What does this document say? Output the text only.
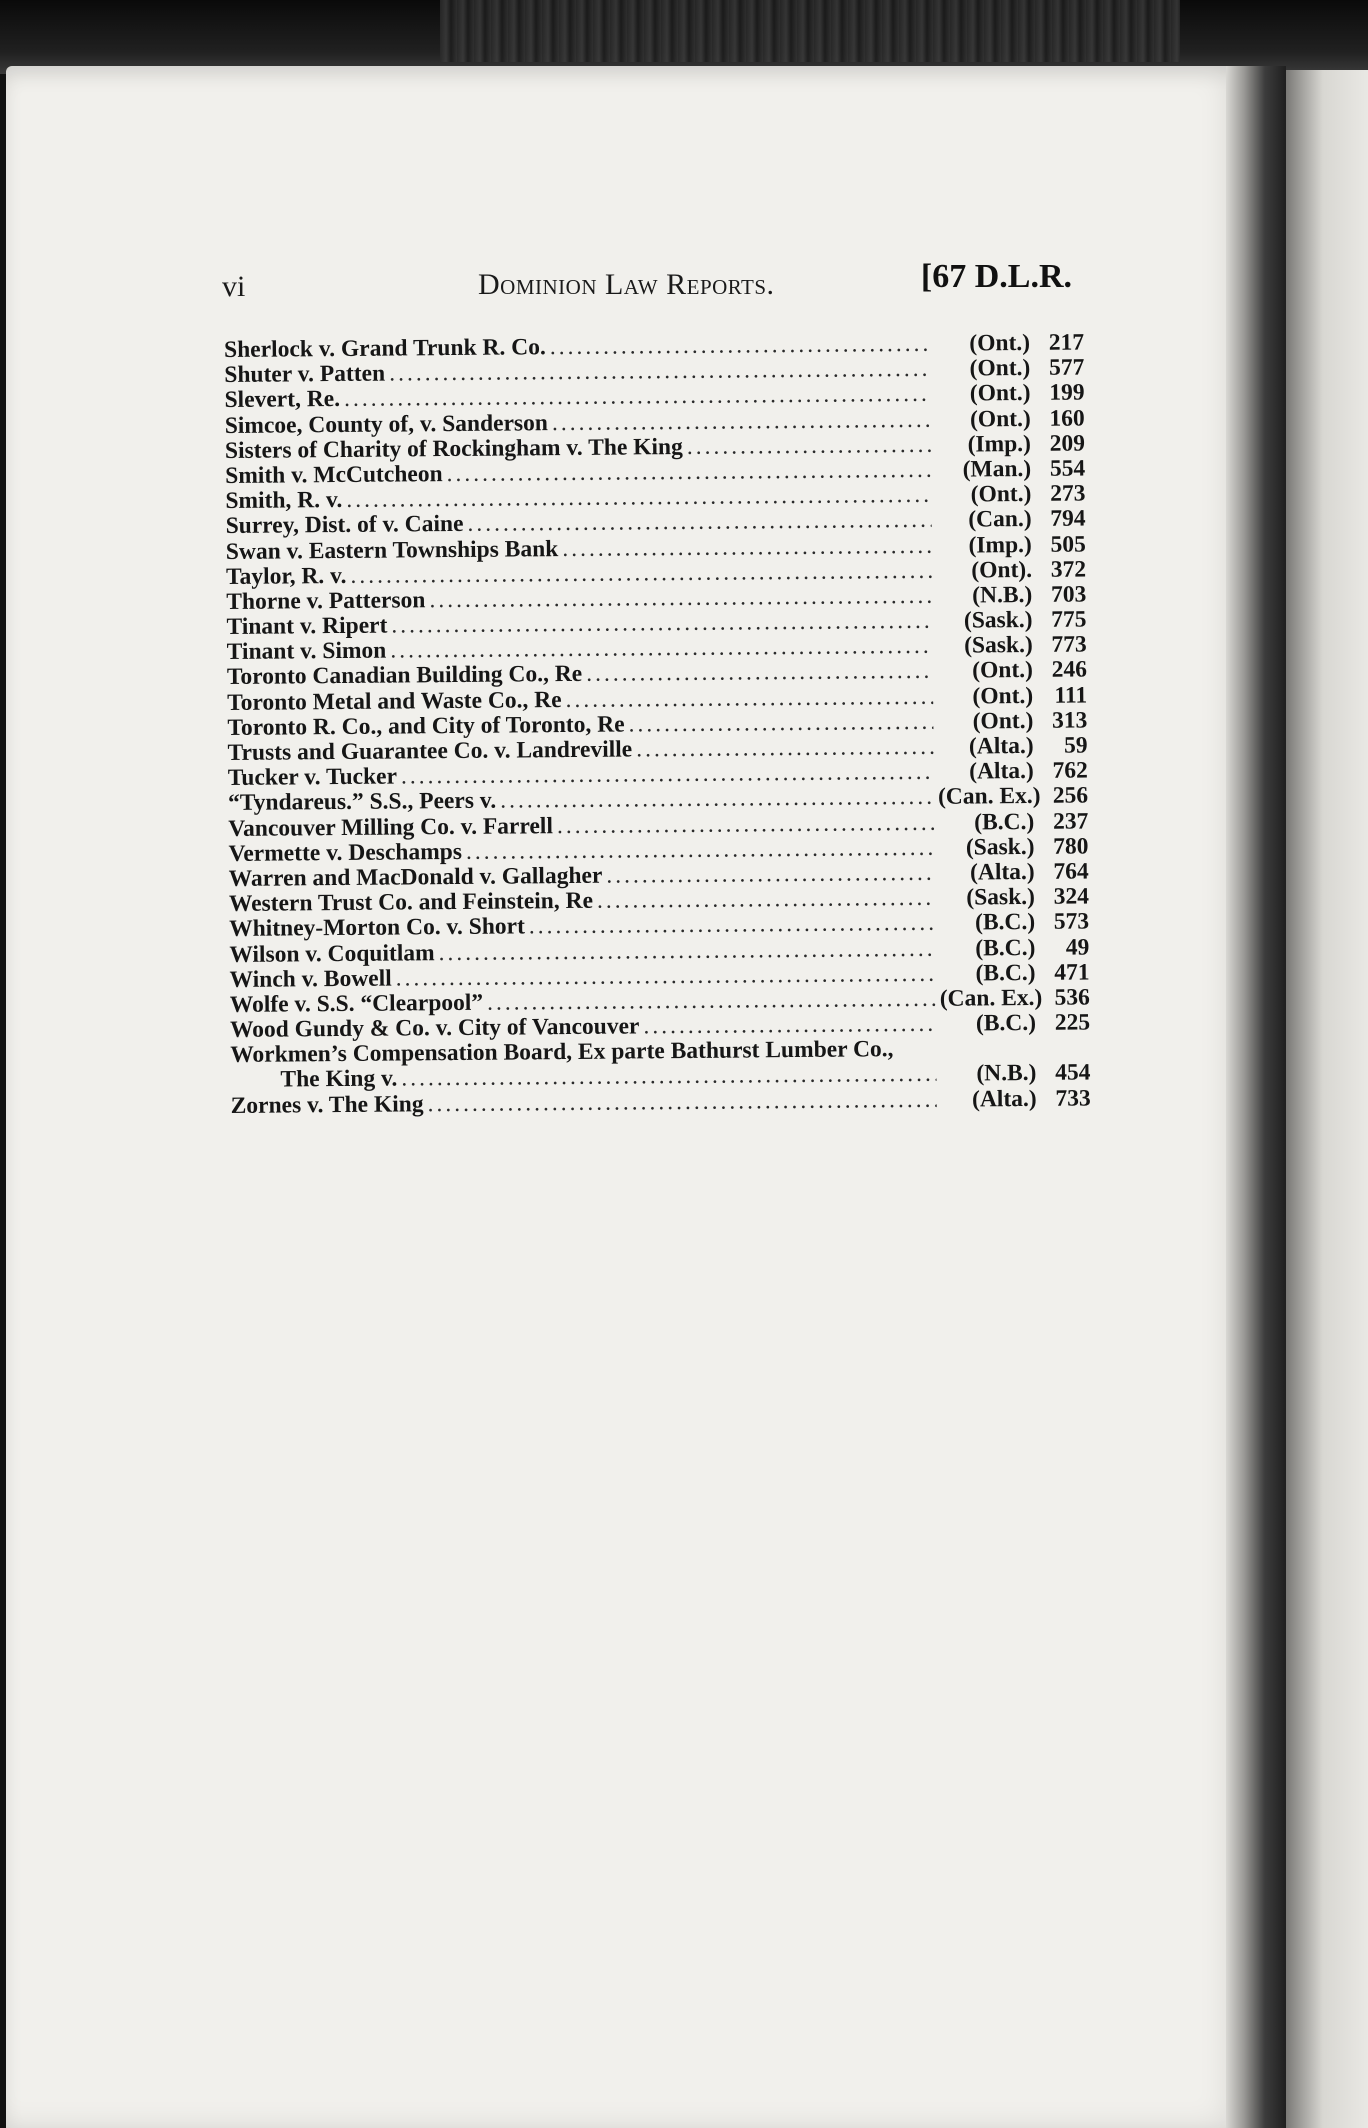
vi	Dominion Law Reports.	[67 D.L.R.
Sherlock v. Grand Trunk R. Co. .....	(Ont.) 217
Shuter v. Patten .....	(Ont.) 577
Slevert, Re. .....	(Ont.) 199
Simcoe, County of, v. Sanderson .....	(Ont.) 160
Sisters of Charity of Rockingham v. The King .....	(Imp.) 209
Smith v. McCutcheon .....	(Man.) 554
Smith, R. v. .....	(Ont.) 273
Surrey, Dist. of v. Caine .....	(Can.) 794
Swan v. Eastern Townships Bank .....	(Imp.) 505
Taylor, R. v. .....	(Ont). 372
Thorne v. Patterson .....	(N.B.) 703
Tinant v. Ripert .....	(Sask.) 775
Tinant v. Simon .....	(Sask.) 773
Toronto Canadian Building Co., Re .....	(Ont.) 246
Toronto Metal and Waste Co., Re .....	(Ont.) 111
Toronto R. Co., and City of Toronto, Re .....	(Ont.) 313
Trusts and Guarantee Co. v. Landreville .....	(Alta.)	59
Tucker v. Tucker .....	(Alta.) 762
“Tyndareus.” S.S., Peers v. .....	(Can. Ex.) 256
Vancouver Milling Co. v. Farrell .....	(B.C.) 237
Vermette v. Deschamps .....	(Sask.) 780
Warren and MacDonald v. Gallagher .....	(Alta.) 764
Western Trust Co. and Feinstein, Re .....	(Sask.) 324
Whitney-Morton Co. v. Short .....	(B.C.) 573
Wilson v. Coquitlam .....	(B.C.)	49
Winch v. Bowell .....	(B.C.) 471
Wolfe v. S.S. “Clearpool” .....	(Can. Ex.) 536
Wood Gundy & Co. v. City of Vancouver .....	(B.C.) 225
Workmen’s Compensation Board, Ex parte Bathurst Lumber Co.,
The King v. .....	(N.B.) 454
Zornes v. The King .....	(Alta.) 733
